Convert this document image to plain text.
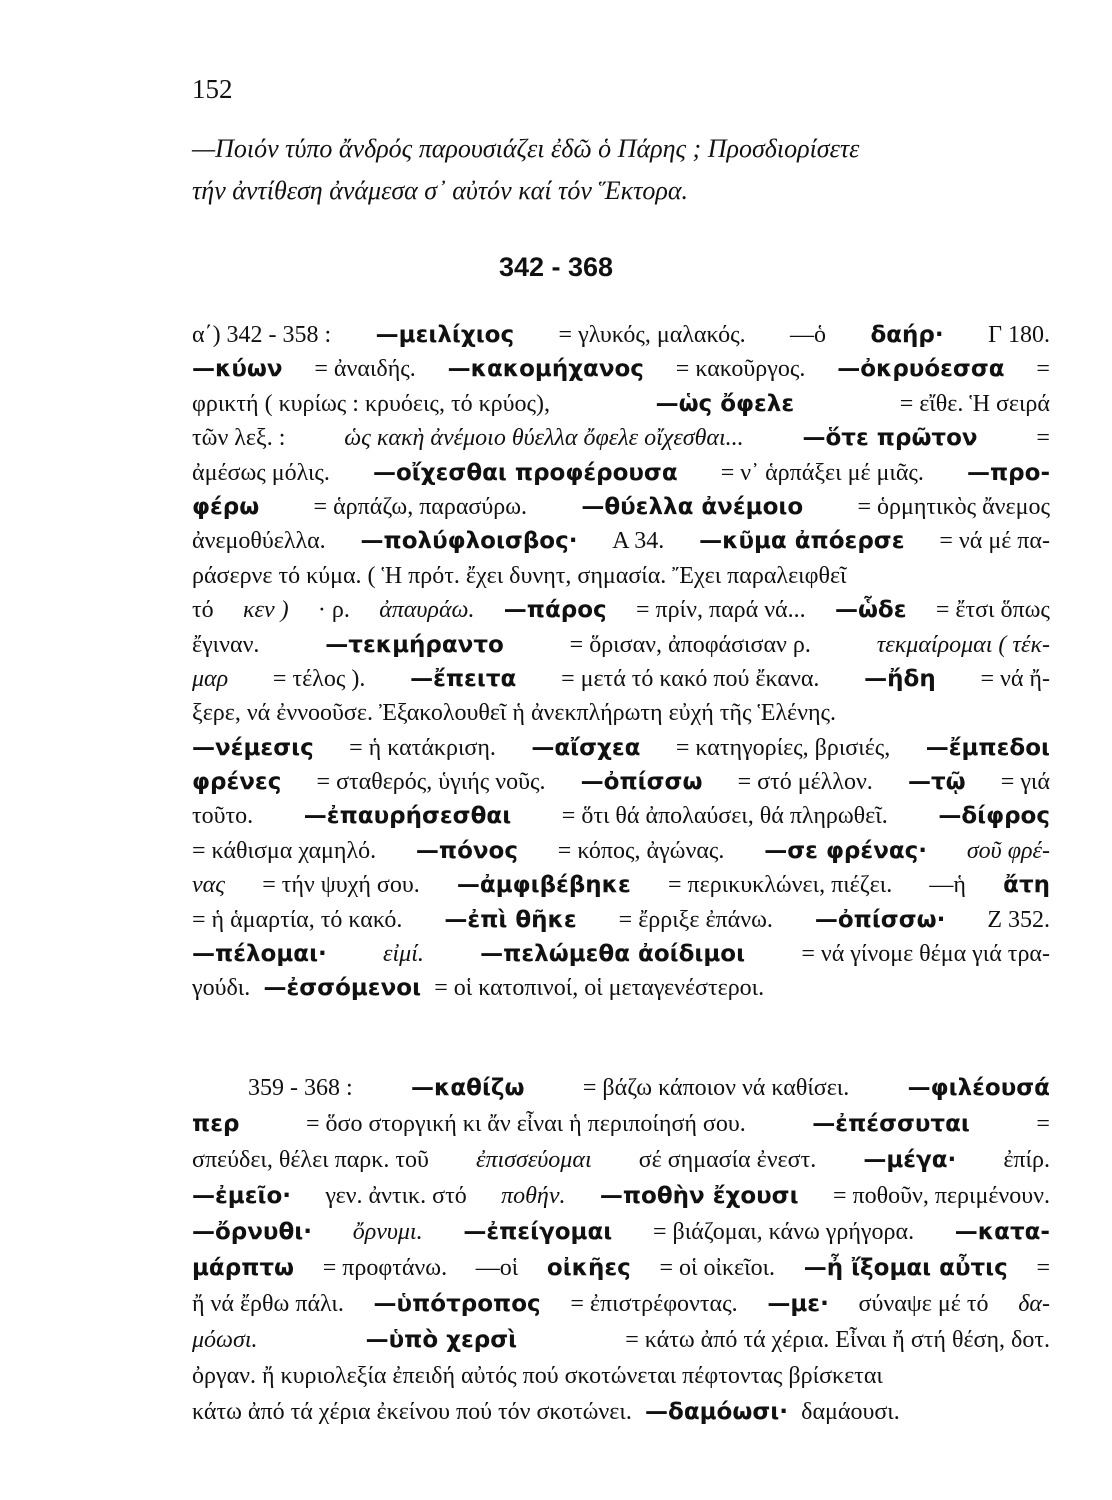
152
—Ποιόν τύπο ἄνδρός παρουσιάζει ἐδῶ ὁ Πάρης ; Προσδιορίσετε
τήν ἀντίθεση ἀνάμεσα σ᾽ αὐτόν καί τόν Ἕκτορα.
342 - 368
α΄) 342 - 358 : —μειλίχιος = γλυκός, μαλακός. —ὁ δαήρ· Γ 180.
—κύων = ἀναιδής. —κακομήχανος = κακοῦργος. —ὀκρυόεσσα =
φρικτή ( κυρίως : κρυόεις, τό κρύος),	—ὡς ὄφελε	= εἴθε. Ἡ σειρά
τῶν λεξ. : ὡς κακὴ ἀνέμοιο θύελλα ὄφελε οἴχεσθαι...	—ὅτε πρῶτον =
ἀμέσως μόλις. —οἴχεσθαι προφέρουσα = ν᾽ ἁρπάξει μέ μιᾶς. —προ-
φέρω = ἁρπάζω, παρασύρω. —θύελλα ἀνέμοιο = ὁρμητικὸς ἄνεμος
ἀνεμοθύελλα. —πολύφλοισβος· Α 34. —κῦμα ἀπόερσε = νά μέ πα-
ράσερνε τό κύμα. ( Ἡ πρότ. ἔχει δυνητ, σημασία. Ἔχει παραλειφθεῖ
τό κεν ) · ρ. ἀπαυράω. —πάρος = πρίν, παρά νά... —ὧδε = ἔτσι ὅπως
ἔγιναν.	—τεκμήραντο	= ὅρισαν, ἀποφάσισαν ρ.	τεκμαίρομαι ( τέκ-
μαρ = τέλος ). —ἔπειτα = μετά τό κακό πού ἔκανα. —ἤδη = νά ἤ-
ξερε, νά ἐννοοῦσε. Ἐξακολουθεῖ ἡ ἀνεκπλήρωτη εὐχή τῆς Ἑλένης.
—νέμεσις = ἡ κατάκριση. —αἴσχεα = κατηγορίες, βρισιές, —ἔμπεδοι
φρένες = σταθερός, ὑγιής νοῦς. —ὀπίσσω = στό μέλλον. —τῷ = γιά
τοῦτο. —ἐπαυρήσεσθαι = ὅτι θά ἀπολαύσει, θά πληρωθεῖ. —δίφρος
= κάθισμα χαμηλό. —πόνος = κόπος, ἀγώνας. —σε φρένας· σοῦ φρέ-
νας = τήν ψυχή σου. —ἀμφιβέβηκε = περικυκλώνει, πιέζει. —ἡ ἄτη
= ἡ ἁμαρτία, τό κακό. —ἐπὶ θῆκε = ἔρριξε ἐπάνω. —ὀπίσσω· Ζ 352.
—πέλομαι· εἰμί. —πελώμεθα ἀοίδιμοι = νά γίνομε θέμα γιά τρα-
γούδι. —ἐσσόμενοι = οἱ κατοπινοί, οἱ μεταγενέστεροι.
359 - 368 :	—καθίζω = βάζω κάποιον νά καθίσει.	—φιλέουσά
περ	= ὅσο στοργική κι ἄν εἶναι ἡ περιποίησή σου.	—ἐπέσσυται	=
σπεύδει, θέλει παρκ. τοῦ ἐπισσεύομαι σέ σημασία ἐνεστ. —μέγα· ἐπίρ.
—ἐμεῖο· γεν. ἀντικ. στό ποθήν. —ποθὴν ἔχουσι = ποθοῦν, περιμένουν.
—ὄρνυθι· ὄρνυμι. —ἐπείγομαι = βιάζομαι, κάνω γρήγορα. —κατα-
μάρπτω = προφτάνω. —οἱ οἰκῆες = οἱ οἰκεῖοι. —ἦ ἴξομαι αὖτις =
ἤ νά ἔρθω πάλι. —ὑπότροπος = ἐπιστρέφοντας. —με· σύναψε μέ τό δα-
μόωσι.	—ὑπὸ χερσὶ	= κάτω ἀπό τά χέρια. Εἶναι ἤ στή θέση, δοτ.
ὀργαν. ἤ κυριολεξία ἐπειδή αὐτός πού σκοτώνεται πέφτοντας βρίσκεται
κάτω ἀπό τά χέρια ἐκείνου πού τόν σκοτώνει. —δαμόωσι· δαμάουσι.
